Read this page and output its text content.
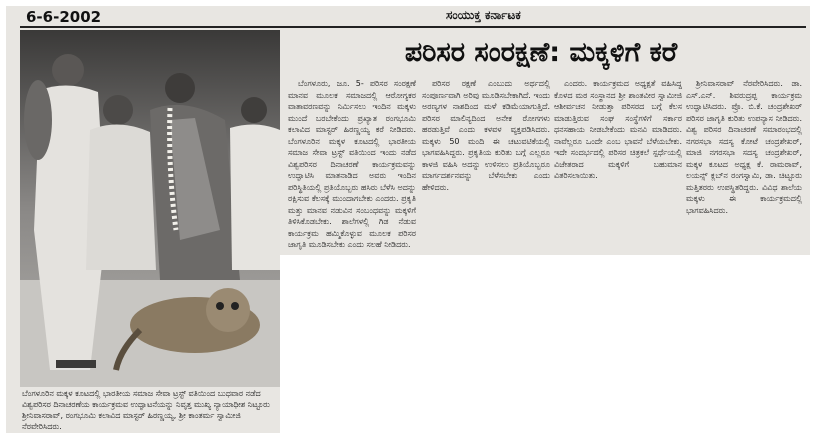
6-6-2002	ಸಂಯುಕ್ತ ಕರ್ನಾಟಕ
ಬೆಂಗಳೂರಿನ ಮಕ್ಕಳ ಕೂಟದಲ್ಲಿ ಭಾರತೀಯ ಸಮಾಜ ಸೇವಾ ಟ್ರಸ್ಟ್ ವತಿಯಿಂದ ಬುಧವಾರ ನಡೆದ ವಿಶ್ವಪರಿಸರ ದಿನಾಚರಣೆಯ ಕಾರ್ಯಕ್ರಮವ ಉದ್ಘಾಟನೆಯನ್ನು ನಿವೃತ್ತ ಮುಖ್ಯ ನ್ಯಾಯಾಧೀಶ ನಿಟ್ಟೂರು ಶ್ರೀನಿವಾಸರಾವ್, ರಂಗಭೂಮಿ ಕಲಾವಿದ ಮಾಸ್ಟರ್ ಹಿರಣ್ಣಯ್ಯ, ಶ್ರೀ ಕಾಂತರ್ಮ ಸ್ವಾಮೀಜಿ ನೆರವೇರಿಸಿದರು.
ಪರಿಸರ ಸಂರಕ್ಷಣೆ: ಮಕ್ಕಳಿಗೆ ಕರೆ

ಬೆಂಗಳೂರು, ಜೂ. 5- ಪರಿಸರ ಸಂರಕ್ಷಣೆ ಮಾನವ ಮೂಲಕ ಸಮಾಜದಲ್ಲಿ ಆರೋಗ್ಯಕರ ವಾತಾವರಣವನ್ನು ನಿರ್ಮಿಸಲು ಇಂದಿನ ಮಕ್ಕಳು ಮುಂದೆ ಬರಬೇಕೆಂದು ಪ್ರಖ್ಯಾತ ರಂಗಭೂಮಿ ಕಲಾವಿದ ಮಾಸ್ಟರ್ ಹಿರಣ್ಣಯ್ಯ ಕರೆ ನೀಡಿದರು. ಬೆಂಗಳೂರಿನ ಮಕ್ಕಳ ಕೂಟದಲ್ಲಿ ಭಾರತೀಯ ಸಮಾಜ ಸೇವಾ ಟ್ರಸ್ಟ್ ವತಿಯಿಂದ ಇಂದು ನಡೆದ ವಿಶ್ವಪರಿಸರ ದಿನಾಚರಣೆ ಕಾರ್ಯಕ್ರಮವನ್ನು ಉದ್ಘಾಟಿಸಿ ಮಾತನಾಡಿದ ಅವರು ಇಂದಿನ ಪರಿಸ್ಥಿತಿಯಲ್ಲಿ ಪ್ರತಿಯೊಬ್ಬರು ಹಸಿರು ಬೆಳೆಸಿ ಅದನ್ನು ರಕ್ಷಿಸುವ ಕೆಲಸಕ್ಕೆ ಮುಂದಾಗಬೇಕು ಎಂದರು. ಪ್ರಕೃತಿ ಮತ್ತು ಮಾನವ ನಡುವಿನ ಸಂಬಂಧವನ್ನು ಮಕ್ಕಳಿಗೆ ತಿಳಿಸಿಕೊಡಬೇಕು. ಶಾಲೆಗಳಲ್ಲಿ ಗಿಡ ನೆಡುವ ಕಾರ್ಯಕ್ರಮ ಹಮ್ಮಿಕೊಳ್ಳುವ ಮೂಲಕ ಪರಿಸರ ಜಾಗೃತಿ ಮೂಡಿಸಬೇಕು ಎಂದು ಸಲಹೆ ನೀಡಿದರು.

ಪರಿಸರ ರಕ್ಷಣೆ ಎಂಬುದು ಅರ್ಥದಲ್ಲಿ ಸಂಪೂರ್ಣವಾಗಿ ಅರಿವು ಮೂಡಿಸಬೇಕಾಗಿದೆ. ಇಂದು ಅರಣ್ಯಗಳ ನಾಶದಿಂದ ಮಳೆ ಕಡಿಮೆಯಾಗುತ್ತಿದೆ. ಪರಿಸರ ಮಾಲಿನ್ಯದಿಂದ ಅನೇಕ ರೋಗಗಳು ಹರಡುತ್ತಿವೆ ಎಂದು ಕಳವಳ ವ್ಯಕ್ತಪಡಿಸಿದರು. ಮಕ್ಕಳು 50 ಮಂದಿ ಈ ಚಟುವಟಿಕೆಯಲ್ಲಿ ಭಾಗವಹಿಸಿದ್ದರು. ಪ್ರಕೃತಿಯ ಕುರಿತು ಬಗ್ಗೆ ಎಲ್ಲರೂ ಕಾಳಜಿ ವಹಿಸಿ ಅದನ್ನು ಉಳಿಸಲು ಪ್ರತಿಯೊಬ್ಬರೂ ಮಾರ್ಗದರ್ಶನವನ್ನು ಬೆಳೆಸಬೇಕು ಎಂದು ಹೇಳಿದರು.

ಎಂದರು. ಕಾರ್ಯಕ್ರಮದ ಅಧ್ಯಕ್ಷತೆ ವಹಿಸಿದ್ದ ಕೊಳದ ಮಠ ಸಂಸ್ಥಾನದ ಶ್ರೀ ಶಾಂತವೀರ ಸ್ವಾಮೀಜಿ ಆಶೀರ್ವಚನ ನೀಡುತ್ತಾ ಪರಿಸರದ ಬಗ್ಗೆ ಕೆಲಸ ಮಾಡುತ್ತಿರುವ ಸಂಘ ಸಂಸ್ಥೆಗಳಿಗೆ ಸರ್ಕಾರ ಧನಸಹಾಯ ನೀಡಬೇಕೆಂದು ಮನವಿ ಮಾಡಿದರು. ನಾವೆಲ್ಲರೂ ಒಂದೇ ಎಂಬ ಭಾವನೆ ಬೆಳೆಯಬೇಕು. ಇದೇ ಸಂದರ್ಭದಲ್ಲಿ ಪರಿಸರ ಚಿತ್ರಕಲೆ ಸ್ಪರ್ಧೆಯಲ್ಲಿ ವಿಜೇತರಾದ ಮಕ್ಕಳಿಗೆ ಬಹುಮಾನ ವಿತರಿಸಲಾಯಿತು.

ಶ್ರೀನಿವಾಸರಾವ್ ನೆರವೇರಿಸಿದರು. ಡಾ. ಎಸ್.ಎನ್. ಶಿವರುದ್ರಪ್ಪ ಕಾರ್ಯಕ್ರಮ ಉದ್ಘಾಟಿಸಿದರು. ಪ್ರೊ. ಬಿ.ಕೆ. ಚಂದ್ರಶೇಖರ್ ಪರಿಸರ ಜಾಗೃತಿ ಕುರಿತು ಉಪನ್ಯಾಸ ನೀಡಿದರು. ವಿಶ್ವ ಪರಿಸರ ದಿನಾಚರಣೆ ಸಮಾರಂಭದಲ್ಲಿ ನಗರಸಭಾ ಸದಸ್ಯ ಕೋಟೆ ಚಂದ್ರಶೇಖರ್, ಮಾಜಿ ನಗರಸಭಾ ಸದಸ್ಯ ಚಂದ್ರಶೇಖರ್, ಮಕ್ಕಳ ಕೂಟದ ಅಧ್ಯಕ್ಷ ಕೆ. ರಾಮರಾವ್, ಲಯನ್ಸ್ ಕ್ಲಬ್‌ನ ರಂಗಸ್ವಾಮಿ, ಡಾ. ಚಿಟ್ಟೂರು ಮತ್ತಿತರರು ಉಪಸ್ಥಿತರಿದ್ದರು. ವಿವಿಧ ಶಾಲೆಯ ಮಕ್ಕಳು ಈ ಕಾರ್ಯಕ್ರಮದಲ್ಲಿ ಭಾಗವಹಿಸಿದರು.
